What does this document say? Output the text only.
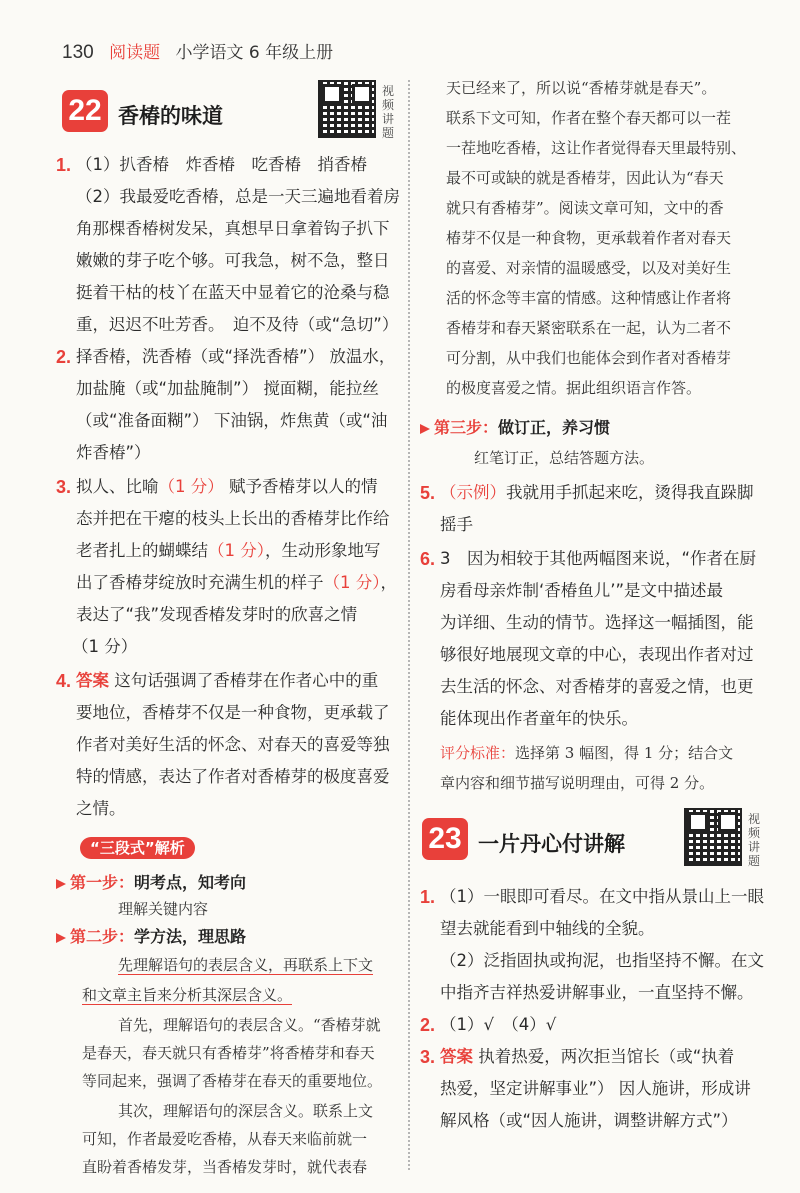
130 阅读题 小学语文 6 年级上册
22 香椿的味道
视
频
讲
题
1. （1）扒香椿　炸香椿　吃香椿　捎香椿
（2）我最爱吃香椿，总是一天三遍地看着房
角那棵香椿树发呆，真想早日拿着钩子扒下
嫩嫩的芽子吃个够。可我急，树不急，整日
挺着干枯的枝丫在蓝天中显着它的沧桑与稳
重，迟迟不吐芳香。　迫不及待（或“急切”）
2. 择香椿，洗香椿（或“择洗香椿”） 放温水，
加盐腌（或“加盐腌制”） 搅面糊，能拉丝
（或“准备面糊”） 下油锅，炸焦黄（或“油
炸香椿”）
3. 拟人、比喻（1 分） 赋予香椿芽以人的情
态并把在干瘪的枝头上长出的香椿芽比作给
老者扎上的蝴蝶结（1 分），生动形象地写
出了香椿芽绽放时充满生机的样子（1 分），
表达了“我”发现香椿发芽时的欣喜之情
（1 分）
4. 答案 这句话强调了香椿芽在作者心中的重
要地位，香椿芽不仅是一种食物，更承载了
作者对美好生活的怀念、对春天的喜爱等独
特的情感，表达了作者对香椿芽的极度喜爱
之情。
“三段式”解析
第一步：明考点，知考向
理解关键内容
第二步：学方法，理思路
先理解语句的表层含义，再联系上下文
和文章主旨来分析其深层含义。
首先，理解语句的表层含义。“香椿芽就
是春天，春天就只有香椿芽”将香椿芽和春天
等同起来，强调了香椿芽在春天的重要地位。
其次，理解语句的深层含义。联系上文
可知，作者最爱吃香椿，从春天来临前就一
直盼着香椿发芽，当香椿发芽时，就代表春
天已经来了，所以说“香椿芽就是春天”。
联系下文可知，作者在整个春天都可以一茬
一茬地吃香椿，这让作者觉得春天里最特别、
最不可或缺的就是香椿芽，因此认为“春天
就只有香椿芽”。阅读文章可知，文中的香
椿芽不仅是一种食物，更承载着作者对春天
的喜爱、对亲情的温暖感受，以及对美好生
活的怀念等丰富的情感。这种情感让作者将
香椿芽和春天紧密联系在一起，认为二者不
可分割，从中我们也能体会到作者对香椿芽
的极度喜爱之情。据此组织语言作答。
第三步：做订正，养习惯
红笔订正，总结答题方法。
5. （示例）我就用手抓起来吃，烫得我直跺脚
摇手
6. 3　因为相较于其他两幅图来说，“作者在厨
房看母亲炸制‘香椿鱼儿’”是文中描述最
为详细、生动的情节。选择这一幅插图，能
够很好地展现文章的中心，表现出作者对过
去生活的怀念、对香椿芽的喜爱之情，也更
能体现出作者童年的快乐。
评分标准：选择第 3 幅图，得 1 分；结合文
章内容和细节描写说明理由，可得 2 分。
23 一片丹心付讲解
视
频
讲
题
1. （1）一眼即可看尽。在文中指从景山上一眼
望去就能看到中轴线的全貌。
（2）泛指固执或拘泥，也指坚持不懈。在文
中指齐吉祥热爱讲解事业，一直坚持不懈。
2. （1）√　（4）√
3. 答案 执着热爱，两次拒当馆长（或“执着
热爱，坚定讲解事业”） 因人施讲，形成讲
解风格（或“因人施讲，调整讲解方式”）
